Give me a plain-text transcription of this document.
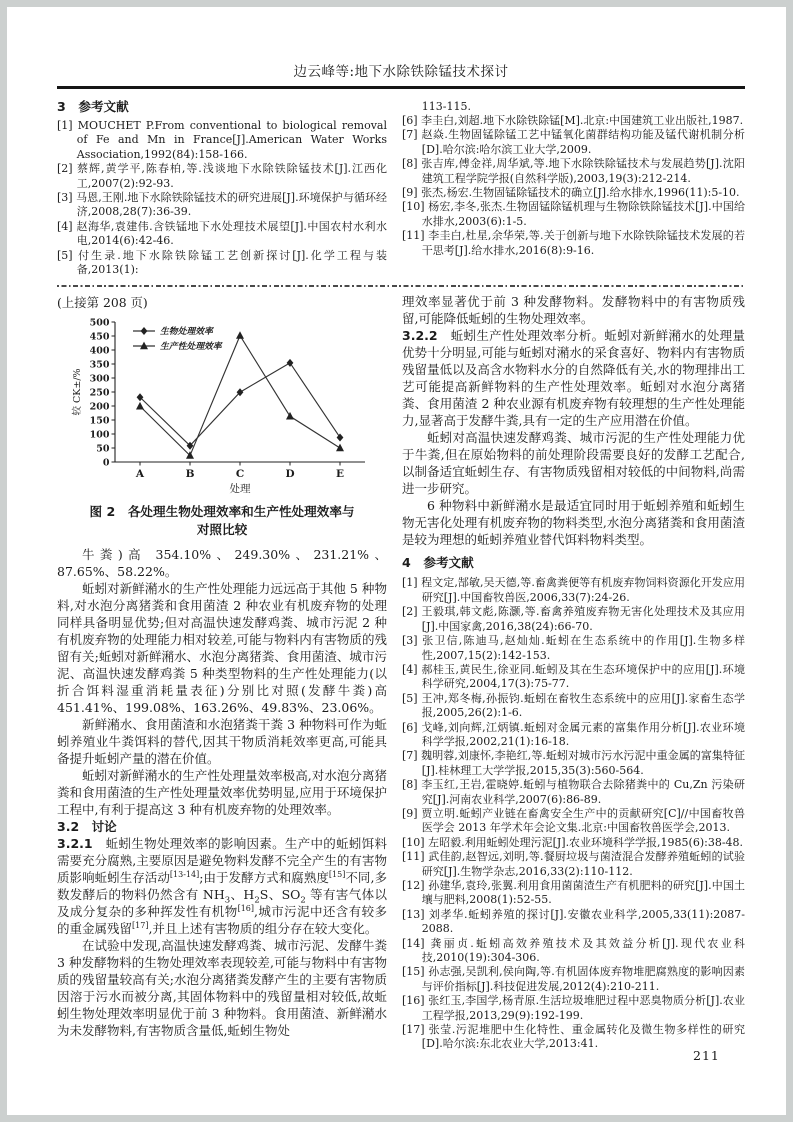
边云峰等:地下水除铁除锰技术探讨
3　参考文献

[1] MOUCHET P.From conventional to biological removal of Fe and Mn in France[J].American Water Works Association,1992(84):158-166.

[2] 蔡辉,黄学平,陈春柏,等.浅谈地下水除铁除锰技术[J].江西化工,2007(2):92-93.

[3] 马恩,王刚.地下水除铁除锰技术的研究进展[J].环境保护与循环经济,2008,28(7):36-39.

[4] 赵海华,袁建伟.含铁锰地下水处理技术展望[J].中国农村水利水电,2014(6):42-46.

[5] 付生录.地下水除铁除锰工艺创新探讨[J].化学工程与装备,2013(1):

113-115.

[6] 李圭白,刘超.地下水除铁除锰[M].北京:中国建筑工业出版社,1987.

[7] 赵焱.生物固锰除锰工艺中锰氧化菌群结构功能及锰代谢机制分析[D].哈尔滨:哈尔滨工业大学,2009.

[8] 张吉库,傅金祥,周华斌,等.地下水除铁除锰技术与发展趋势[J].沈阳建筑工程学院学报(自然科学版),2003,19(3):212-214.

[9] 张杰,杨宏.生物固锰除锰技术的确立[J].给水排水,1996(11):5-10.

[10] 杨宏,李冬,张杰.生物固锰除锰机理与生物除铁除锰技术[J].中国给水排水,2003(6):1-5.

[11] 李圭白,杜星,余华荣,等.关于创新与地下水除铁除锰技术发展的若干思考[J].给水排水,2016(8):9-16.

(上接第 208 页)
0
50
100
150
200
250
300
350
400
450
500
A	B	C	D	E
处理
较 CK±/%
生物处理效率
生产性处理效率
图 2　各处理生物处理效率和生产性处理效率与
对照比较

牛粪)高 354.10%、249.30%、231.21%、87.65%、58.22%。

蚯蚓对新鲜潲水的生产性处理能力远远高于其他 5 种物料,对水泡分离猪粪和食用菌渣 2 种农业有机废弃物的处理同样具备明显优势;但对高温快速发酵鸡粪、城市污泥 2 种有机废弃物的处理能力相对较差,可能与物料内有害物质的残留有关;蚯蚓对新鲜潲水、水泡分离猪粪、食用菌渣、城市污泥、高温快速发酵鸡粪 5 种类型物料的生产性处理能力(以折合饵料湿重消耗量表征)分别比对照(发酵牛粪)高 451.41%、199.08%、163.26%、49.83%、23.06%。

新鲜潲水、食用菌渣和水泡猪粪干粪 3 种物料可作为蚯蚓养殖业牛粪饵料的替代,因其干物质消耗效率更高,可能具备提升蚯蚓产量的潜在价值。

蚯蚓对新鲜潲水的生产性处理量效率极高,对水泡分离猪粪和食用菌渣的生产性处理量效率优势明显,应用于环境保护工程中,有利于提高这 3 种有机废弃物的处理效率。

3.2　讨论

3.2.1　蚯蚓生物处理效率的影响因素。生产中的蚯蚓饵料需要充分腐熟,主要原因是避免物料发酵不完全产生的有害物质影响蚯蚓生存活动[13-14];由于发酵方式和腐熟度[15]不同,多数发酵后的物料仍然含有 $NH_3$、$H_2S$、$SO_2$ 等有害气体以及成分复杂的多种挥发性有机物[16],城市污泥中还含有较多的重金属残留[17],并且上述有害物质的组分存在较大变化。

在试验中发现,高温快速发酵鸡粪、城市污泥、发酵牛粪 3 种发酵物料的生物处理效率表现较差,可能与物料中有害物质的残留量较高有关;水泡分离猪粪发酵产生的主要有害物质因溶于污水而被分离,其固体物料中的残留量相对较低,故蚯蚓生物处理效率明显优于前 3 种物料。食用菌渣、新鲜潲水为未发酵物料,有害物质含量低,蚯蚓生物处

理效率显著优于前 3 种发酵物料。发酵物料中的有害物质残留,可能降低蚯蚓的生物处理效率。

3.2.2　蚯蚓生产性处理效率分析。蚯蚓对新鲜潲水的处理量优势十分明显,可能与蚯蚓对潲水的采食喜好、物料内有害物质残留量低以及高含水物料水分的自然降低有关,水的物理排出工艺可能提高新鲜物料的生产性处理效率。蚯蚓对水泡分离猪粪、食用菌渣 2 种农业源有机废弃物有较理想的生产性处理能力,显著高于发酵牛粪,具有一定的生产应用潜在价值。

蚯蚓对高温快速发酵鸡粪、城市污泥的生产性处理能力优于牛粪,但在原始物料的前处理阶段需要良好的发酵工艺配合,以制备适宜蚯蚓生存、有害物质残留相对较低的中间物料,尚需进一步研究。

6 种物料中新鲜潲水是最适宜同时用于蚯蚓养殖和蚯蚓生物无害化处理有机废弃物的物料类型,水泡分离猪粪和食用菌渣是较为理想的蚯蚓养殖业替代饵料物料类型。

4　参考文献

[1] 程文定,郜敏,吴天德,等.畜禽粪便等有机废弃物饲料资源化开发应用研究[J].中国畜牧兽医,2006,33(7):24-26.

[2] 王毅琪,韩文彪,陈灏,等.畜禽养殖废弃物无害化处理技术及其应用[J].中国家禽,2016,38(24):66-70.

[3] 张卫信,陈迪马,赵灿灿.蚯蚓在生态系统中的作用[J].生物多样性,2007,15(2):142-153.

[4] 郝桂玉,黄民生,徐亚同.蚯蚓及其在生态环境保护中的应用[J].环境科学研究,2004,17(3):75-77.

[5] 王冲,郑冬梅,孙振钧.蚯蚓在畜牧生态系统中的应用[J].家畜生态学报,2005,26(2):1-6.

[6] 戈峰,刘向辉,江炳镇.蚯蚓对金属元素的富集作用分析[J].农业环境科学学报,2002,21(1):16-18.

[7] 魏明蓉,刘康怀,李艳红,等.蚯蚓对城市污水污泥中重金属的富集特征[J].桂林理工大学学报,2015,35(3):560-564.

[8] 李玉红,王岩,霍晓婷.蚯蚓与植物联合去除猪粪中的 Cu,Zn 污染研究[J].河南农业科学,2007(6):86-89.

[9] 贾立明.蚯蚓产业链在畜禽安全生产中的贡献研究[C]//中国畜牧兽医学会 2013 年学术年会论文集.北京:中国畜牧兽医学会,2013.

[10] 左昭毅.利用蚯蚓处理污泥[J].农业环境科学学报,1985(6):38-48.

[11] 武佳韵,赵智远,刘明,等.餐厨垃圾与菌渣混合发酵养殖蚯蚓的试验研究[J].生物学杂志,2016,33(2):110-112.

[12] 孙建华,袁玲,张翼.利用食用菌菌渣生产有机肥料的研究[J].中国土壤与肥料,2008(1):52-55.

[13] 刘孝华.蚯蚓养殖的探讨[J].安徽农业科学,2005,33(11):2087-2088.

[14] 龚丽贞.蚯蚓高效养殖技术及其效益分析[J].现代农业科技,2010(19):304-306.

[15] 孙志强,吴凯利,侯向陶,等.有机固体废弃物堆肥腐熟度的影响因素与评价指标[J].科技促进发展,2012(4):210-211.

[16] 张红玉,李国学,杨青原.生活垃圾堆肥过程中恶臭物质分析[J].农业工程学报,2013,29(9):192-199.

[17] 张莹.污泥堆肥中生化特性、重金属转化及微生物多样性的研究[D].哈尔滨:东北农业大学,2013:41.

211
